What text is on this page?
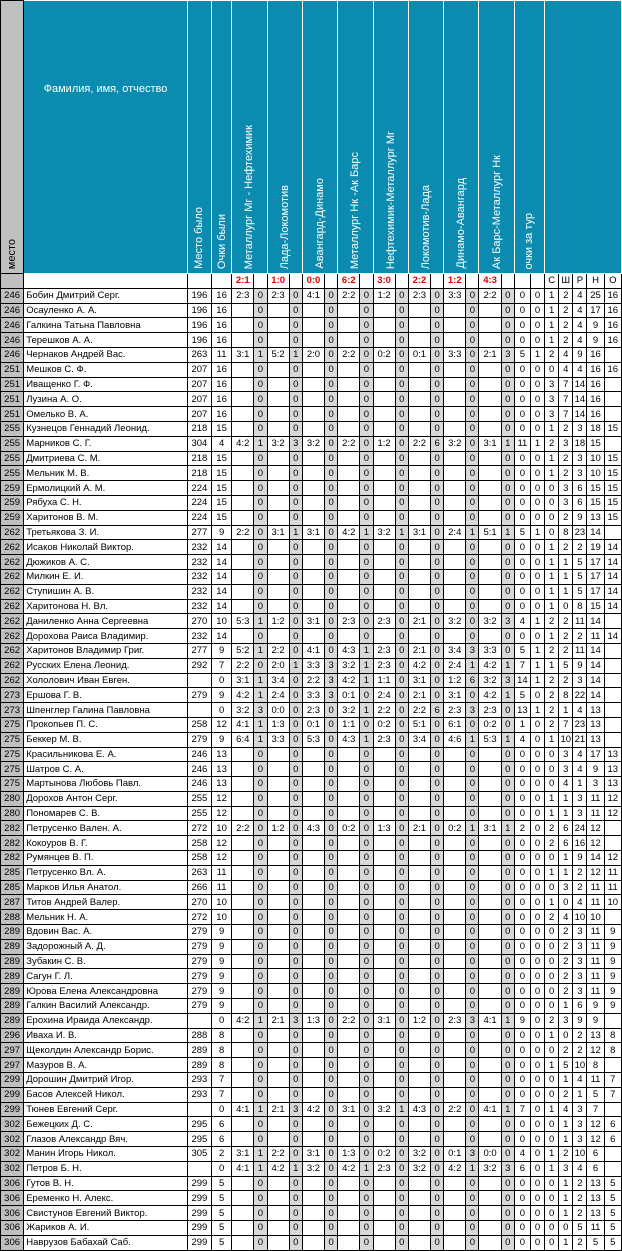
место	Фамилия, имя, отчество	Место было	Очки были	Металлург Мг - Нефтехимик		Лада-Локомотив		Авангард-Динамо		Металлург Нк -Ак Барс		Нефтехимик-Металлург Мг		Локомотив-Лада		Динамо-Авангард		Ак Барс-Металлург Нк		очки за тур						
				2:1		1:0		0:0		6:2		3:0		2:2		1:2		4:3				С	Ш	Р	Н	О
246	Бобин Дмитрий Серг.	196	16	2:3	0	2:3	0	4:1	0	2:2	0	1:2	0	2:3	0	3:3	0	2:2	0	0	0	1	2	4	25	16
246	Осауленко А. А.	196	16		0		0		0		0		0		0		0		0	0	0	1	2	4	17	16
246	Галкина Татьна Павловна	196	16		0		0		0		0		0		0		0		0	0	0	1	2	4	9	16
246	Терешков А. А.	196	16		0		0		0		0		0		0		0		0	0	0	1	2	4	9	16
246	Чернаков Андрей Вас.	263	11	3:1	1	5:2	1	2:0	0	2:2	0	0:2	0	0:1	0	3:3	0	2:1	3	5	1	2	4	9	16	
251	Мешков С. Ф.	207	16		0		0		0		0		0		0		0		0	0	0	0	4	4	16	16
251	Иващенко Г. Ф.	207	16		0		0		0		0		0		0		0		0	0	0	3	7	14	16	
251	Лузина А. О.	207	16		0		0		0		0		0		0		0		0	0	0	3	7	14	16	
251	Омелько В. А.	207	16		0		0		0		0		0		0		0		0	0	0	3	7	14	16	
255	Кузнецов Геннадий Леонид.	218	15		0		0		0		0		0		0		0		0	0	0	1	2	3	18	15
255	Марников С. Г.	304	4	4:2	1	3:2	3	3:2	0	2:2	0	1:2	0	2:2	6	3:2	0	3:1	1	11	1	2	3	18	15	
255	Дмитриева С. М.	218	15		0		0		0		0		0		0		0		0	0	0	1	2	3	10	15
255	Мельник М. В.	218	15		0		0		0		0		0		0		0		0	0	0	1	2	3	10	15
259	Ермолицкий А. М.	224	15		0		0		0		0		0		0		0		0	0	0	0	3	6	15	15
259	Рябуха С. Н.	224	15		0		0		0		0		0		0		0		0	0	0	0	3	6	15	15
259	Харитонов В. М.	224	15		0		0		0		0		0		0		0		0	0	0	0	2	9	13	15
262	Третьякова З. И.	277	9	2:2	0	3:1	1	3:1	0	4:2	1	3:2	1	3:1	0	2:4	1	5:1	1	5	1	0	8	23	14	
262	Исаков Николай Виктор.	232	14		0		0		0		0		0		0		0		0	0	0	1	2	2	19	14
262	Дюжиков А. С.	232	14		0		0		0		0		0		0		0		0	0	0	1	1	5	17	14
262	Милкин Е. И.	232	14		0		0		0		0		0		0		0		0	0	0	1	1	5	17	14
262	Ступишин А. В.	232	14		0		0		0		0		0		0		0		0	0	0	1	1	5	17	14
262	Харитонова Н. Вл.	232	14		0		0		0		0		0		0		0		0	0	0	1	0	8	15	14
262	Даниленко Анна Сергеевна	270	10	5:3	1	1:2	0	3:1	0	2:3	0	2:3	0	2:1	0	3:2	0	3:2	3	4	1	2	2	11	14	
262	Дорохова Раиса Владимир.	232	14		0		0		0		0		0		0		0		0	0	0	1	2	2	11	14
262	Харитонов Владимир Григ.	277	9	5:2	1	2:2	0	4:1	0	4:3	1	2:3	0	2:1	0	3:4	3	3:3	0	5	1	2	2	11	14	
262	Русских Елена Леонид.	292	7	2:2	0	2:0	1	3:3	3	3:2	1	2:3	0	4:2	0	2:4	1	4:2	1	7	1	1	5	9	14	
262	Хололович Иван Евген.		0	3:1	1	3:4	0	2:2	3	4:2	1	1:1	0	3:1	0	1:2	6	3:2	3	14	1	2	2	3	14	
273	Ершова Г. В.	279	9	4:2	1	2:4	0	3:3	3	0:1	0	2:4	0	2:1	0	3:1	0	4:2	1	5	0	2	8	22	14	
273	Шпенглер Галина Павловна		0	3:2	3	0:0	0	2:3	0	3:2	1	2:2	0	2:2	6	2:3	3	2:3	0	13	1	2	1	4	13	
275	Прокопьев П. С.	258	12	4:1	1	1:3	0	0:1	0	1:1	0	0:2	0	5:1	0	6:1	0	0:2	0	1	0	2	7	23	13	
275	Беккер М. В.	279	9	6:4	1	3:3	0	5:3	0	4:3	1	2:3	0	3:4	0	4:6	1	5:3	1	4	0	1	10	21	13	
275	Красильникова Е. А.	246	13		0		0		0		0		0		0		0		0	0	0	0	3	4	17	13
275	Шатров С. А.	246	13		0		0		0		0		0		0		0		0	0	0	0	3	4	9	13
275	Мартынова Любовь Павл.	246	13		0		0		0		0		0		0		0		0	0	0	0	4	1	3	13
280	Дорохов Антон Серг.	255	12		0		0		0		0		0		0		0		0	0	0	1	1	3	11	12
280	Пономарев С. В.	255	12		0		0		0		0		0		0		0		0	0	0	1	1	3	11	12
282	Петрусенко Вален. А.	272	10	2:2	0	1:2	0	4:3	0	0:2	0	1:3	0	2:1	0	0:2	1	3:1	1	2	0	2	6	24	12	
282	Кокоуров В. Г.	258	12		0		0		0		0		0		0		0		0	0	0	2	6	16	12	
282	Румянцев В. П.	258	12		0		0		0		0		0		0		0		0	0	0	0	1	9	14	12
285	Петрусенко Вл. А.	263	11		0		0		0		0		0		0		0		0	0	0	1	1	2	12	11
285	Марков Илья Анатол.	266	11		0		0		0		0		0		0		0		0	0	0	0	3	2	11	11
287	Титов Андрей Валер.	270	10		0		0		0		0		0		0		0		0	0	0	1	0	4	11	10
288	Мельник Н. А.	272	10		0		0		0		0		0		0		0		0	0	0	2	4	10	10	
289	Вдовин Вас. А.	279	9		0		0		0		0		0		0		0		0	0	0	0	2	3	11	9
289	Задорожный А. Д.	279	9		0		0		0		0		0		0		0		0	0	0	0	2	3	11	9
289	Зубакин С. В.	279	9		0		0		0		0		0		0		0		0	0	0	0	2	3	11	9
289	Сагун Г. Л.	279	9		0		0		0		0		0		0		0		0	0	0	0	2	3	11	9
289	Юрова Елена Александровна	279	9		0		0		0		0		0		0		0		0	0	0	0	2	3	11	9
289	Галкин Василий Александр.	279	9		0		0		0		0		0		0		0		0	0	0	0	1	6	9	9
289	Ерохина Ираида Александр.		0	4:2	1	2:1	3	1:3	0	2:2	0	3:1	0	1:2	0	2:3	3	4:1	1	9	0	2	3	9	9	
296	Иваха И. В.	288	8		0		0		0		0		0		0		0		0	0	0	1	0	2	13	8
297	Щеколдин Александр Борис.	289	8		0		0		0		0		0		0		0		0	0	0	0	2	2	12	8
297	Мазуров В. А.	289	8		0		0		0		0		0		0		0		0	0	0	1	5	10	8	
299	Дорошин Дмитрий Игор.	293	7		0		0		0		0		0		0		0		0	0	0	0	1	4	11	7
299	Басов Алексей Никол.	293	7		0		0		0		0		0		0		0		0	0	0	0	2	1	5	7
299	Тюнев Евгений Серг.		0	4:1	1	2:1	3	4:2	0	3:1	0	3:2	1	4:3	0	2:2	0	4:1	1	7	0	1	4	3	7	
302	Бежецких Д. С.	295	6		0		0		0		0		0		0		0		0	0	0	0	1	3	12	6
302	Глазов Александр Вяч.	295	6		0		0		0		0		0		0		0		0	0	0	0	1	3	12	6
302	Манин Игорь Никол.	305	2	3:1	1	2:2	0	3:1	0	1:3	0	0:2	0	3:2	0	0:1	3	0:0	0	4	0	1	2	10	6	
302	Петров Б. Н.		0	4:1	1	4:2	1	3:2	0	4:2	1	2:3	0	3:2	0	4:2	1	3:2	3	6	0	1	3	4	6	
306	Гутов В. Н.	299	5		0		0		0		0		0		0		0		0	0	0	0	1	2	13	5
306	Еременко Н. Алекс.	299	5		0		0		0		0		0		0		0		0	0	0	0	1	2	13	5
306	Свистунов Евгений Виктор.	299	5		0		0		0		0		0		0		0		0	0	0	0	1	2	13	5
306	Жариков А. И.	299	5		0		0		0		0		0		0		0		0	0	0	0	0	5	11	5
306	Наврузов Бабахай Саб.	299	5		0		0		0		0		0		0		0		0	0	0	0	1	2	5	5
